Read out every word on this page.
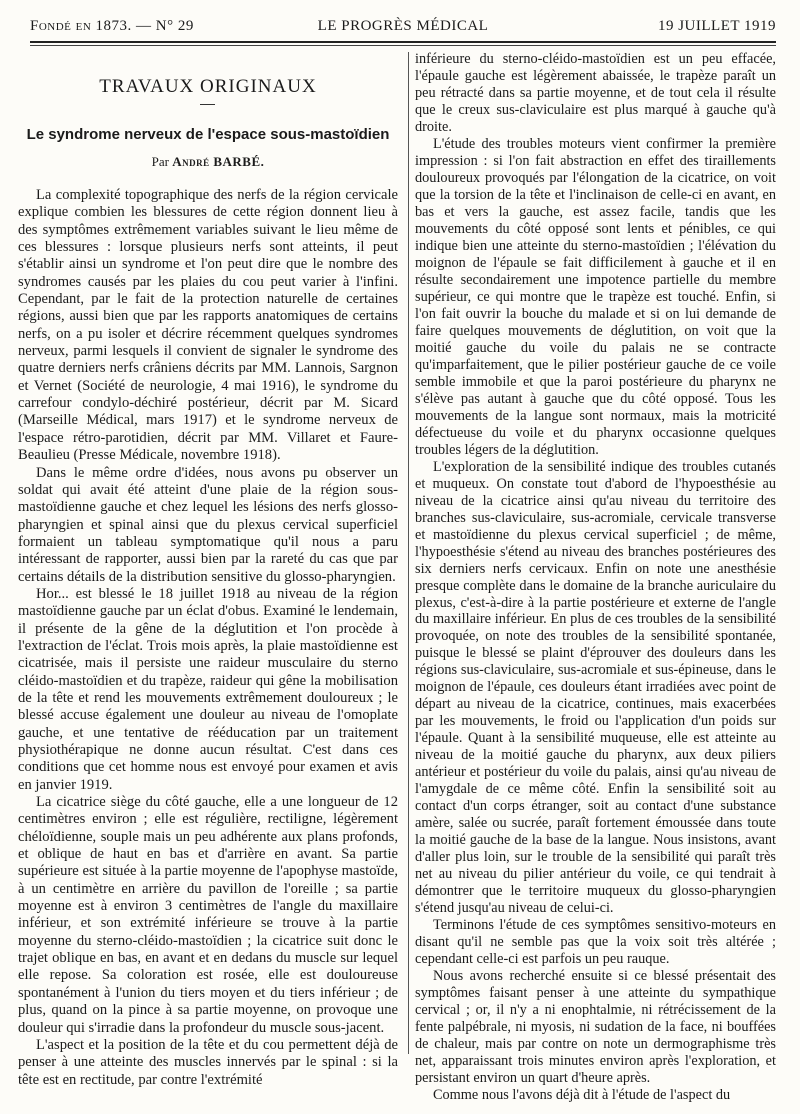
Fondé en 1873. — N° 29	LE PROGRÈS MÉDICAL	19 JUILLET 1919
TRAVAUX ORIGINAUX
Le syndrome nerveux de l'espace sous-mastoïdien
Par André BARBÉ.

La complexité topographique des nerfs de la région cervicale explique combien les blessures de cette région donnent lieu à des symptômes extrêmement variables suivant le lieu même de ces blessures : lorsque plusieurs nerfs sont atteints, il peut s'établir ainsi un syndrome et l'on peut dire que le nombre des syndromes causés par les plaies du cou peut varier à l'infini. Cependant, par le fait de la protection naturelle de certaines régions, aussi bien que par les rapports anatomiques de certains nerfs, on a pu isoler et décrire récemment quelques syndromes nerveux, parmi lesquels il convient de signaler le syndrome des quatre derniers nerfs crâniens décrits par MM. Lannois, Sargnon et Vernet (Société de neurologie, 4 mai 1916), le syndrome du carrefour condylo-déchiré postérieur, décrit par M. Sicard (Marseille Médical, mars 1917) et le syndrome nerveux de l'espace rétro-parotidien, décrit par MM. Villaret et Faure-Beaulieu (Presse Médicale, novembre 1918).

Dans le même ordre d'idées, nous avons pu observer un soldat qui avait été atteint d'une plaie de la région sous-mastoïdienne gauche et chez lequel les lésions des nerfs glosso-pharyngien et spinal ainsi que du plexus cervical superficiel formaient un tableau symptomatique qu'il nous a paru intéressant de rapporter, aussi bien par la rareté du cas que par certains détails de la distribution sensitive du glosso-pharyngien.

Hor... est blessé le 18 juillet 1918 au niveau de la région mastoïdienne gauche par un éclat d'obus. Examiné le lendemain, il présente de la gêne de la déglutition et l'on procède à l'extraction de l'éclat. Trois mois après, la plaie mastoïdienne est cicatrisée, mais il persiste une raideur musculaire du sterno cléido-mastoïdien et du trapèze, raideur qui gêne la mobilisation de la tête et rend les mouvements extrêmement douloureux ; le blessé accuse également une douleur au niveau de l'omoplate gauche, et une tentative de rééducation par un traitement physiothérapique ne donne aucun résultat. C'est dans ces conditions que cet homme nous est envoyé pour examen et avis en janvier 1919.

La cicatrice siège du côté gauche, elle a une longueur de 12 centimètres environ ; elle est régulière, rectiligne, légèrement chéloïdienne, souple mais un peu adhérente aux plans profonds, et oblique de haut en bas et d'arrière en avant. Sa partie supérieure est située à la partie moyenne de l'apophyse mastoïde, à un centimètre en arrière du pavillon de l'oreille ; sa partie moyenne est à environ 3 centimètres de l'angle du maxillaire inférieur, et son extrémité inférieure se trouve à la partie moyenne du sterno-cléido-mastoïdien ; la cicatrice suit donc le trajet oblique en bas, en avant et en dedans du muscle sur lequel elle repose. Sa coloration est rosée, elle est douloureuse spontanément à l'union du tiers moyen et du tiers inférieur ; de plus, quand on la pince à sa partie moyenne, on provoque une douleur qui s'irradie dans la profondeur du muscle sous-jacent.

L'aspect et la position de la tête et du cou permettent déjà de penser à une atteinte des muscles innervés par le spinal : si la tête est en rectitude, par contre l'extrémité

inférieure du sterno-cléido-mastoïdien est un peu effacée, l'épaule gauche est légèrement abaissée, le trapèze paraît un peu rétracté dans sa partie moyenne, et de tout cela il résulte que le creux sus-claviculaire est plus marqué à gauche qu'à droite.

L'étude des troubles moteurs vient confirmer la première impression : si l'on fait abstraction en effet des tiraillements douloureux provoqués par l'élongation de la cicatrice, on voit que la torsion de la tête et l'inclinaison de celle-ci en avant, en bas et vers la gauche, est assez facile, tandis que les mouvements du côté opposé sont lents et pénibles, ce qui indique bien une atteinte du sterno-mastoïdien ; l'élévation du moignon de l'épaule se fait difficilement à gauche et il en résulte secondairement une impotence partielle du membre supérieur, ce qui montre que le trapèze est touché. Enfin, si l'on fait ouvrir la bouche du malade et si on lui demande de faire quelques mouvements de déglutition, on voit que la moitié gauche du voile du palais ne se contracte qu'imparfaitement, que le pilier postérieur gauche de ce voile semble immobile et que la paroi postérieure du pharynx ne s'élève pas autant à gauche que du côté opposé. Tous les mouvements de la langue sont normaux, mais la motricité défectueuse du voile et du pharynx occasionne quelques troubles légers de la déglutition.

L'exploration de la sensibilité indique des troubles cutanés et muqueux. On constate tout d'abord de l'hypoesthésie au niveau de la cicatrice ainsi qu'au niveau du territoire des branches sus-claviculaire, sus-acromiale, cervicale transverse et mastoïdienne du plexus cervical superficiel ; de même, l'hypoesthésie s'étend au niveau des branches postérieures des six derniers nerfs cervicaux. Enfin on note une anesthésie presque complète dans le domaine de la branche auriculaire du plexus, c'est-à-dire à la partie postérieure et externe de l'angle du maxillaire inférieur. En plus de ces troubles de la sensibilité provoquée, on note des troubles de la sensibilité spontanée, puisque le blessé se plaint d'éprouver des douleurs dans les régions sus-claviculaire, sus-acromiale et sus-épineuse, dans le moignon de l'épaule, ces douleurs étant irradiées avec point de départ au niveau de la cicatrice, continues, mais exacerbées par les mouvements, le froid ou l'application d'un poids sur l'épaule. Quant à la sensibilité muqueuse, elle est atteinte au niveau de la moitié gauche du pharynx, aux deux piliers antérieur et postérieur du voile du palais, ainsi qu'au niveau de l'amygdale de ce même côté. Enfin la sensibilité soit au contact d'un corps étranger, soit au contact d'une substance amère, salée ou sucrée, paraît fortement émoussée dans toute la moitié gauche de la base de la langue. Nous insistons, avant d'aller plus loin, sur le trouble de la sensibilité qui paraît très net au niveau du pilier antérieur du voile, ce qui tendrait à démontrer que le territoire muqueux du glosso-pharyngien s'étend jusqu'au niveau de celui-ci.

Terminons l'étude de ces symptômes sensitivo-moteurs en disant qu'il ne semble pas que la voix soit très altérée ; cependant celle-ci est parfois un peu rauque.

Nous avons recherché ensuite si ce blessé présentait des symptômes faisant penser à une atteinte du sympathique cervical ; or, il n'y a ni enophtalmie, ni rétrécissement de la fente palpébrale, ni myosis, ni sudation de la face, ni bouffées de chaleur, mais par contre on note un dermographisme très net, apparaissant trois minutes environ après l'exploration, et persistant environ un quart d'heure après.

Comme nous l'avons déjà dit à l'étude de l'aspect du
